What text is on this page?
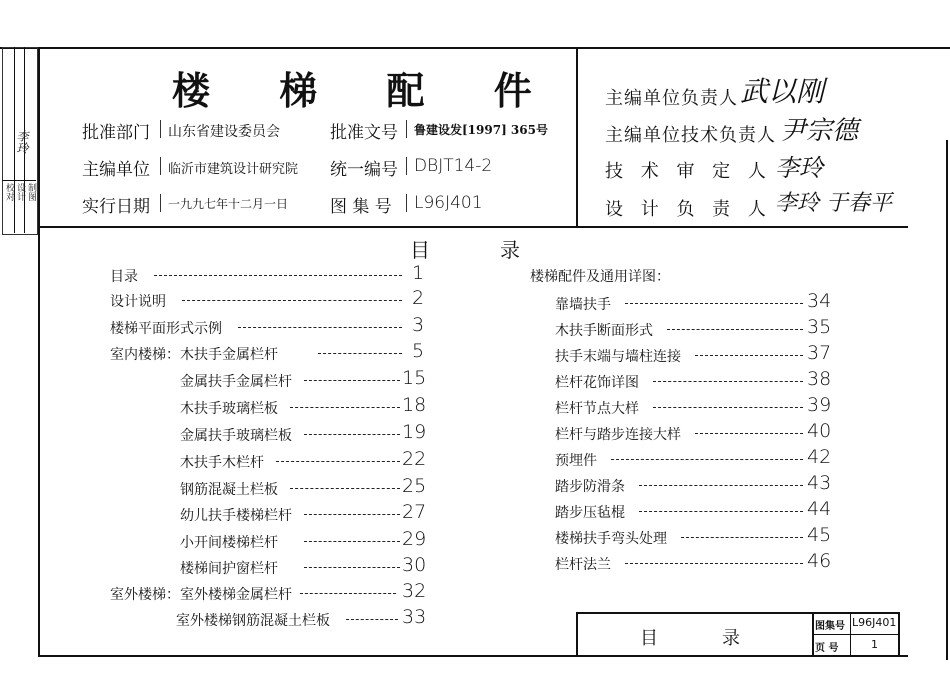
校对 设计 制图
李玲
楼 梯 配 件
批准部门 山东省建设委员会	批准文号 鲁建设发[1997] 365号
主编单位 临沂市建筑设计研究院 统一编号 DBJT14-2
实行日期 一九九七年十二月一日 图 集 号 L96J401
主编单位负责人 武以刚
主编单位技术负责人 尹宗德
技 术 审 定 人 李玲
设 计 负 责 人 李玲 于春平
目	录
目录	1
设计说明	2
楼梯平面形式示例	3
室内楼梯：木扶手金属栏杆	5
金属扶手金属栏杆	15
木扶手玻璃栏板	18
金属扶手玻璃栏板	19
木扶手木栏杆	22
钢筋混凝土栏板	25
幼儿扶手楼梯栏杆	27
小开间楼梯栏杆	29
楼梯间护窗栏杆	30
室外楼梯：室外楼梯金属栏杆	32
室外楼梯钢筋混凝土栏板	33
楼梯配件及通用详图：
靠墙扶手	34
木扶手断面形式	35
扶手末端与墙柱连接	37
栏杆花饰详图	38
栏杆节点大样	39
栏杆与踏步连接大样	40
预埋件	42
踏步防滑条	43
踏步压毡棍	44
楼梯扶手弯头处理	45
栏杆法兰	46
目	录
图集号 L96J401
页 号	1
